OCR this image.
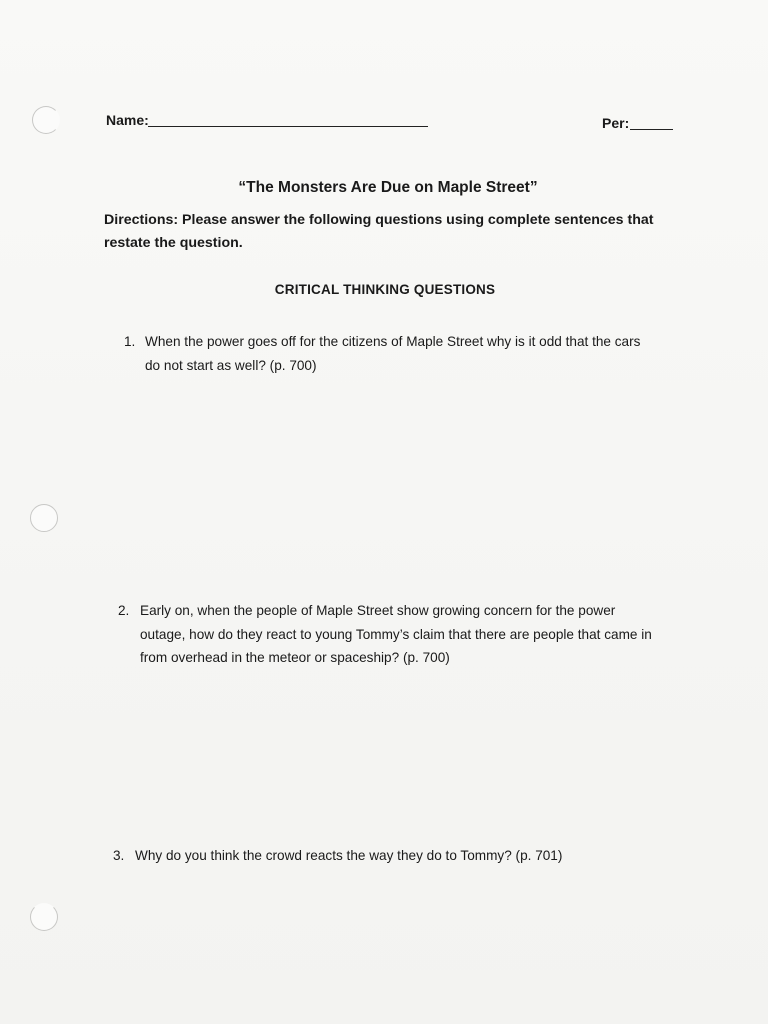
Name:	Per:
“The Monsters Are Due on Maple Street”
Directions: Please answer the following questions using complete sentences that restate the question.
CRITICAL THINKING QUESTIONS
1. When the power goes off for the citizens of Maple Street why is it odd that the cars do not start as well? (p. 700)
2. Early on, when the people of Maple Street show growing concern for the power outage, how do they react to young Tommy’s claim that there are people that came in from overhead in the meteor or spaceship? (p. 700)
3. Why do you think the crowd reacts the way they do to Tommy? (p. 701)
